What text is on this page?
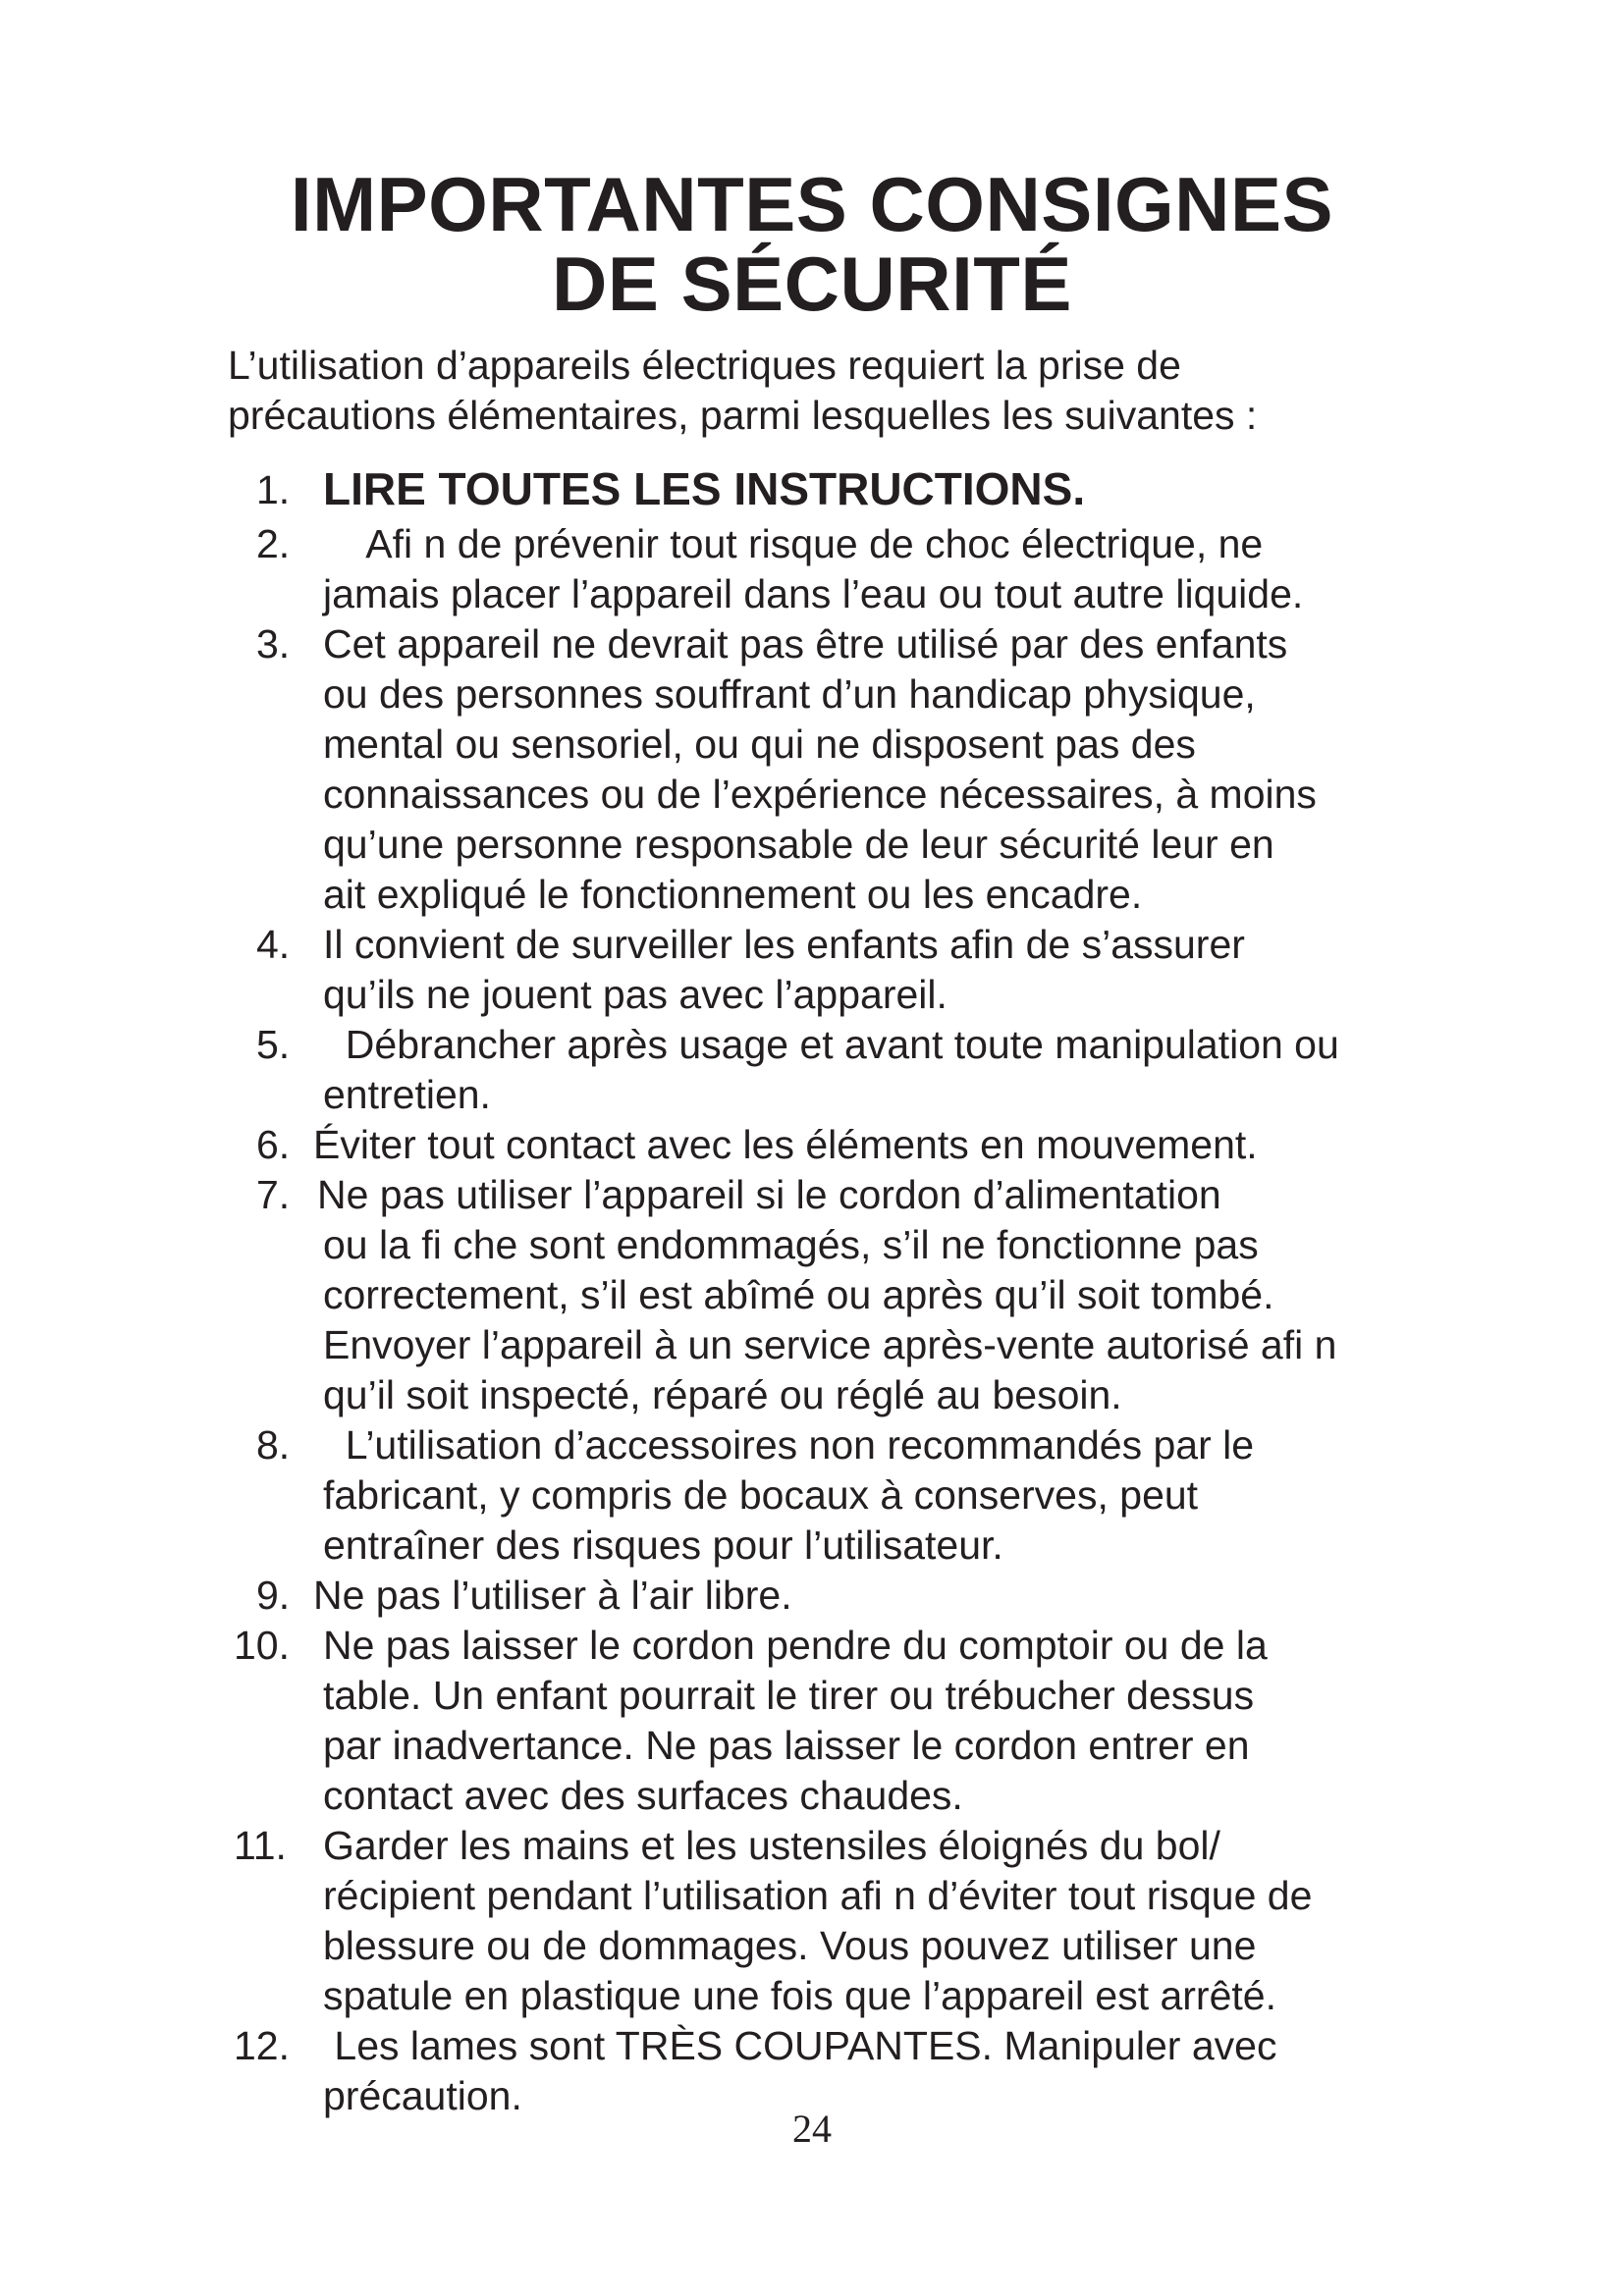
IMPORTANTES CONSIGNES
DE SÉCURITÉ
L’utilisation d’appareils électriques requiert la prise de
précautions élémentaires, parmi lesquelles les suivantes :
1. LIRE TOUTES LES INSTRUCTIONS.
2. Afi n de prévenir tout risque de choc électrique, ne
jamais placer l’appareil dans l’eau ou tout autre liquide.
3. Cet appareil ne devrait pas être utilisé par des enfants
ou des personnes souffrant d’un handicap physique,
mental ou sensoriel, ou qui ne disposent pas des
connaissances ou de l’expérience nécessaires, à moins
qu’une personne responsable de leur sécurité leur en
ait expliqué le fonctionnement ou les encadre.
4. Il convient de surveiller les enfants afin de s’assurer
qu’ils ne jouent pas avec l’appareil.
5. Débrancher après usage et avant toute manipulation ou
entretien.
6. Éviter tout contact avec les éléments en mouvement.
7. Ne pas utiliser l’appareil si le cordon d’alimentation
ou la fi che sont endommagés, s’il ne fonctionne pas
correctement, s’il est abîmé ou après qu’il soit tombé.
Envoyer l’appareil à un service après-vente autorisé afi n
qu’il soit inspecté, réparé ou réglé au besoin.
8. L’utilisation d’accessoires non recommandés par le
fabricant, y compris de bocaux à conserves, peut
entraîner des risques pour l’utilisateur.
9. Ne pas l’utiliser à l’air libre.
10. Ne pas laisser le cordon pendre du comptoir ou de la
table. Un enfant pourrait le tirer ou trébucher dessus
par inadvertance. Ne pas laisser le cordon entrer en
contact avec des surfaces chaudes.
11. Garder les mains et les ustensiles éloignés du bol/
récipient pendant l’utilisation afi n d’éviter tout risque de
blessure ou de dommages. Vous pouvez utiliser une
spatule en plastique une fois que l’appareil est arrêté.
12. Les lames sont TRÈS COUPANTES. Manipuler avec
précaution.
24
